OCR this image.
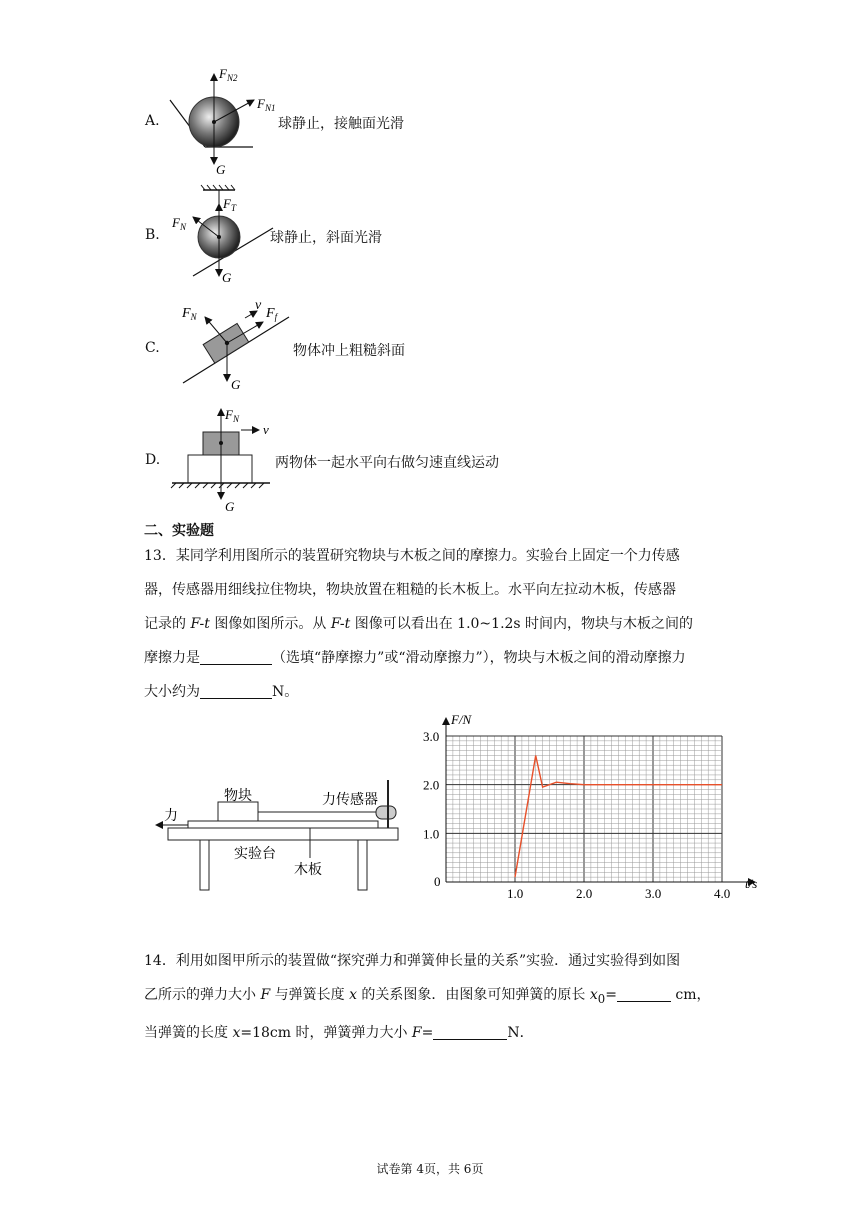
A.
$F_{N2}$
$F_{N1}$
G
球静止，接触面光滑
B.
$F_T$
$F_N$
G
球静止，斜面光滑
C.
$F_N$
v
$F_f$
G
物体冲上粗糙斜面
D.
$F_N$
v
G
两物体一起水平向右做匀速直线运动
二、实验题
13．某同学利用图所示的装置研究物块与木板之间的摩擦力。实验台上固定一个力传感
器，传感器用细线拉住物块，物块放置在粗糙的长木板上。水平向左拉动木板，传感器
记录的 F-t 图像如图所示。从 F-t 图像可以看出在 1.0~1.2s 时间内，物块与木板之间的
摩擦力是	（选填“静摩擦力”或“滑动摩擦力”），物块与木板之间的滑动摩擦力
大小约为	N。
力
物块	力传感器
实验台
木板
1.0	2.0	3.0	4.0
0
1.0
2.0
3.0
F/N
t/s
14．利用如图甲所示的装置做“探究弹力和弹簧伸长量的关系”实验．通过实验得到如图
乙所示的弹力大小 F 与弹簧长度 x 的关系图象．由图象可知弹簧的原长 $x_0=$	cm，
当弹簧的长度 x=18cm 时，弹簧弹力大小 F=	N．
试卷第 4页，共 6页
